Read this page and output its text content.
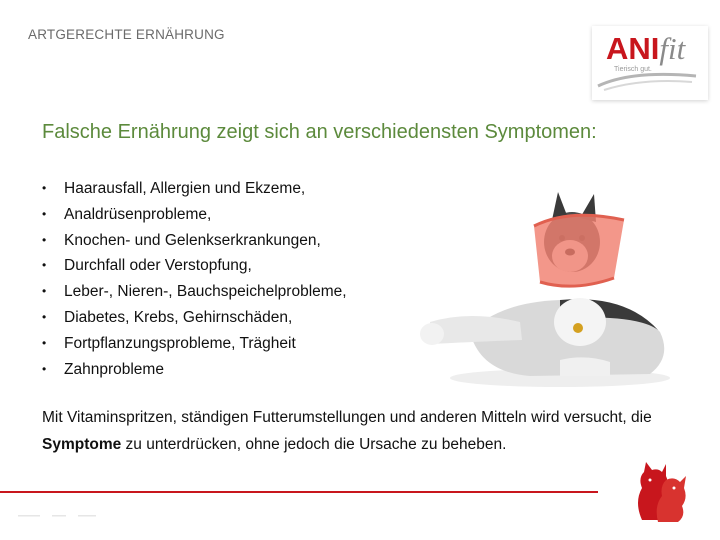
ARTGERECHTE ERNÄHRUNG	ANIfit
Tierisch gut.
Falsche Ernährung zeigt sich an verschiedensten Symptomen:
• Haarausfall, Allergien und Ekzeme,
• Analdrüsenprobleme,
• Knochen- und Gelenkserkrankungen,
• Durchfall oder Verstopfung,
• Leber-, Nieren-, Bauchspeichelprobleme,
• Diabetes, Krebs, Gehirnschäden,
• Fortpflanzungsprobleme, Trägheit
• Zahnprobleme
Mit Vitaminspritzen, ständigen Futterumstellungen und anderen Mitteln wird versucht, die Symptome zu unterdrücken, ohne jedoch die Ursache zu beheben.
